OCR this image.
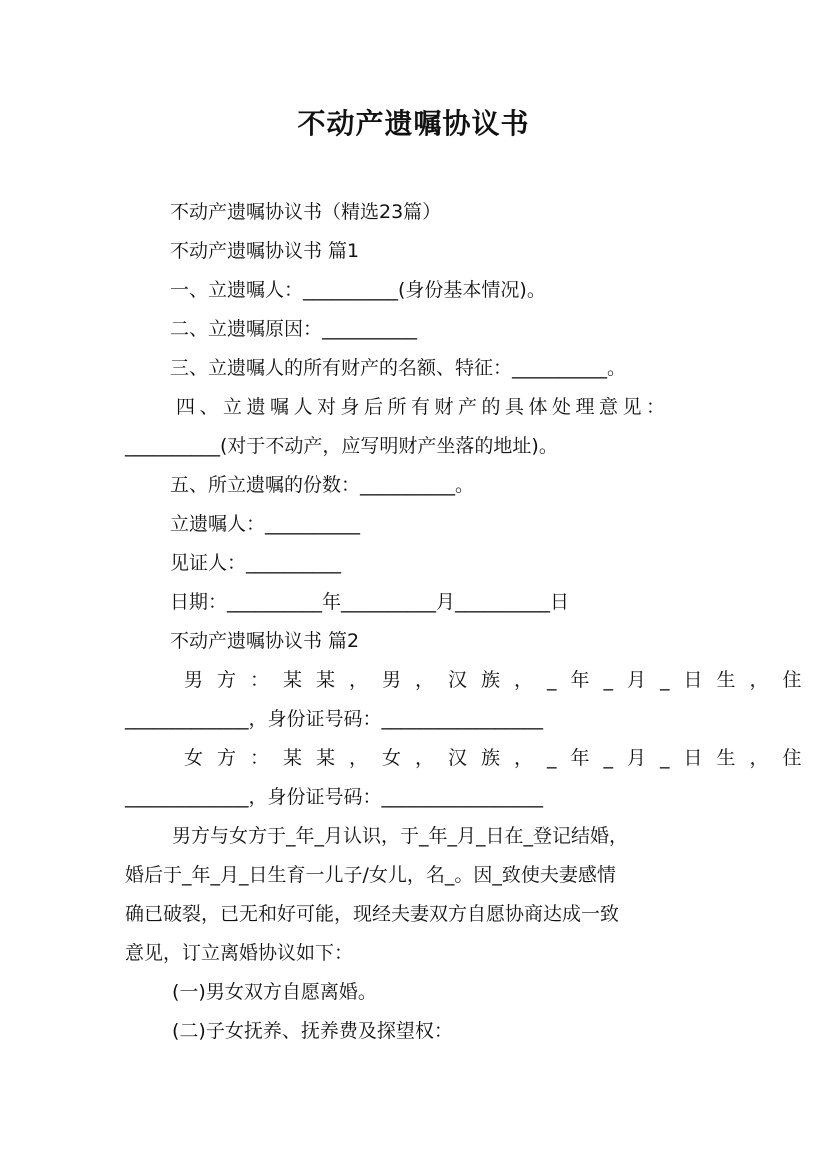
不动产遗嘱协议书
不动产遗嘱协议书（精选23篇）
不动产遗嘱协议书 篇1
一、立遗嘱人：__________(身份基本情况)。
二、立遗嘱原因：__________
三、立遗嘱人的所有财产的名额、特征：__________。
四、立遗嘱人对身后所有财产的具体处理意见：
__________(对于不动产，应写明财产坐落的地址)。
五、所立遗嘱的份数：__________。
立遗嘱人：__________
见证人：__________
日期：__________年__________月__________日
不动产遗嘱协议书 篇2
男方：某某，男，汉族，_年_月_日生，住
_____________，身份证号码：_________________
女方：某某，女，汉族，_年_月_日生，住
_____________，身份证号码：_________________
男方与女方于_年_月认识，于_年_月_日在_登记结婚，
婚后于_年_月_日生育一儿子/女儿，名_。因_致使夫妻感情
确已破裂，已无和好可能，现经夫妻双方自愿协商达成一致
意见，订立离婚协议如下：
(一)男女双方自愿离婚。
(二)子女抚养、抚养费及探望权：
